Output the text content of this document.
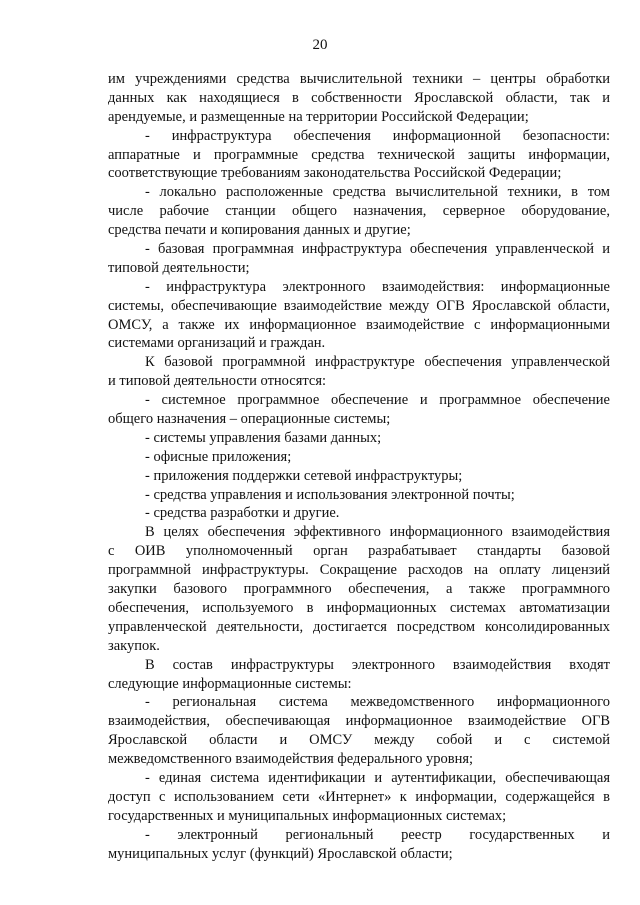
20
им учреждениями средства вычислительной техники – центры обработки
данных как находящиеся в собственности Ярославской области, так и
арендуемые, и размещенные на территории Российской Федерации;
- инфраструктура обеспечения информационной безопасности:
аппаратные и программные средства технической защиты информации,
соответствующие требованиям законодательства Российской Федерации;
- локально расположенные средства вычислительной техники, в том
числе рабочие станции общего назначения, серверное оборудование,
средства печати и копирования данных и другие;
- базовая программная инфраструктура обеспечения управленческой и
типовой деятельности;
- инфраструктура электронного взаимодействия: информационные
системы, обеспечивающие взаимодействие между ОГВ Ярославской области,
ОМСУ, а также их информационное взаимодействие с информационными
системами организаций и граждан.
К базовой программной инфраструктуре обеспечения управленческой
и типовой деятельности относятся:
- системное программное обеспечение и программное обеспечение
общего назначения – операционные системы;
- системы управления базами данных;
- офисные приложения;
- приложения поддержки сетевой инфраструктуры;
- средства управления и использования электронной почты;
- средства разработки и другие.
В целях обеспечения эффективного информационного взаимодействия
с ОИВ уполномоченный орган разрабатывает стандарты базовой
программной инфраструктуры. Сокращение расходов на оплату лицензий
закупки базового программного обеспечения, а также программного
обеспечения, используемого в информационных системах автоматизации
управленческой деятельности, достигается посредством консолидированных
закупок.
В состав инфраструктуры электронного взаимодействия входят
следующие информационные системы:
- региональная система межведомственного информационного
взаимодействия, обеспечивающая информационное взаимодействие ОГВ
Ярославской области и ОМСУ между собой и с системой
межведомственного взаимодействия федерального уровня;
- единая система идентификации и аутентификации, обеспечивающая
доступ с использованием сети «Интернет» к информации, содержащейся в
государственных и муниципальных информационных системах;
- электронный региональный реестр государственных и
муниципальных услуг (функций) Ярославской области;
